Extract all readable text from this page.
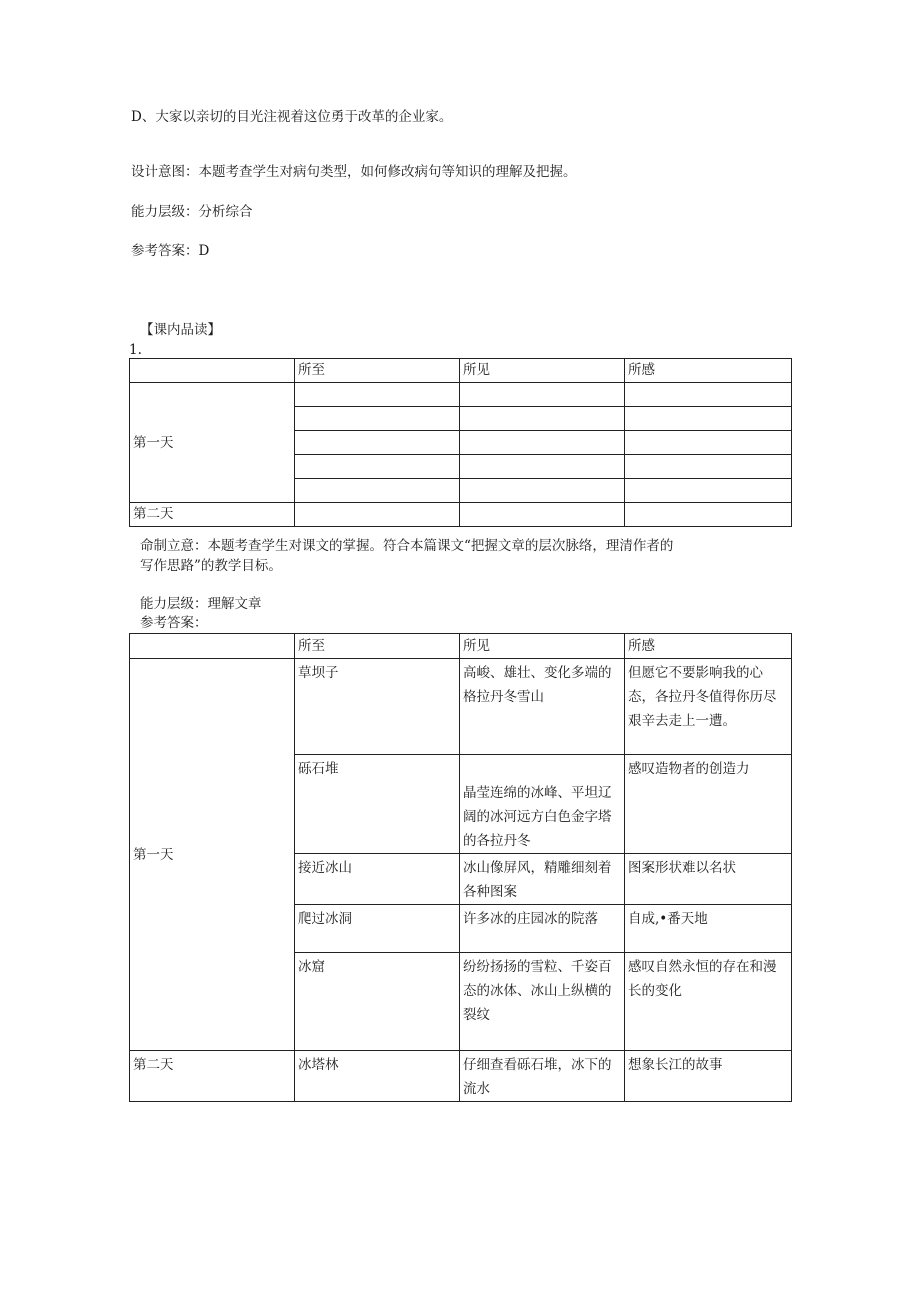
D、大家以亲切的目光注视着这位勇于改革的企业家。
设计意图：本题考查学生对病句类型，如何修改病句等知识的理解及把握。
能力层级：分析综合
参考答案：D
【课内品读】
1.
	所至	所见	所感
第一天			

第二天			
命制立意：本题考查学生对课文的掌握。符合本篇课文“把握文章的层次脉络，理清作者的
写作思路”的教学目标。
能力层级：理解文章
参考答案：
	所至	所见	所感
第一天	草坝子	高峻、雄壮、变化多端的格拉丹冬雪山	但愿它不要影响我的心态，各拉丹冬值得你历尽艰辛去走上一遭。
	砾石堆	晶莹连绵的冰峰、平坦辽阔的冰河远方白色金字塔的各拉丹冬	感叹造物者的创造力
	接近冰山	冰山像屏风，精雕细刻着各种图案	图案形状难以名状
	爬过冰洞	许多冰的庄园冰的院落	自成,•番天地
	冰窟	纷纷扬扬的雪粒、千姿百态的冰体、冰山上纵横的裂纹	感叹自然永恒的存在和漫长的变化
第二天	冰塔林	仔细查看砾石堆，冰下的流水	想象长江的故事
